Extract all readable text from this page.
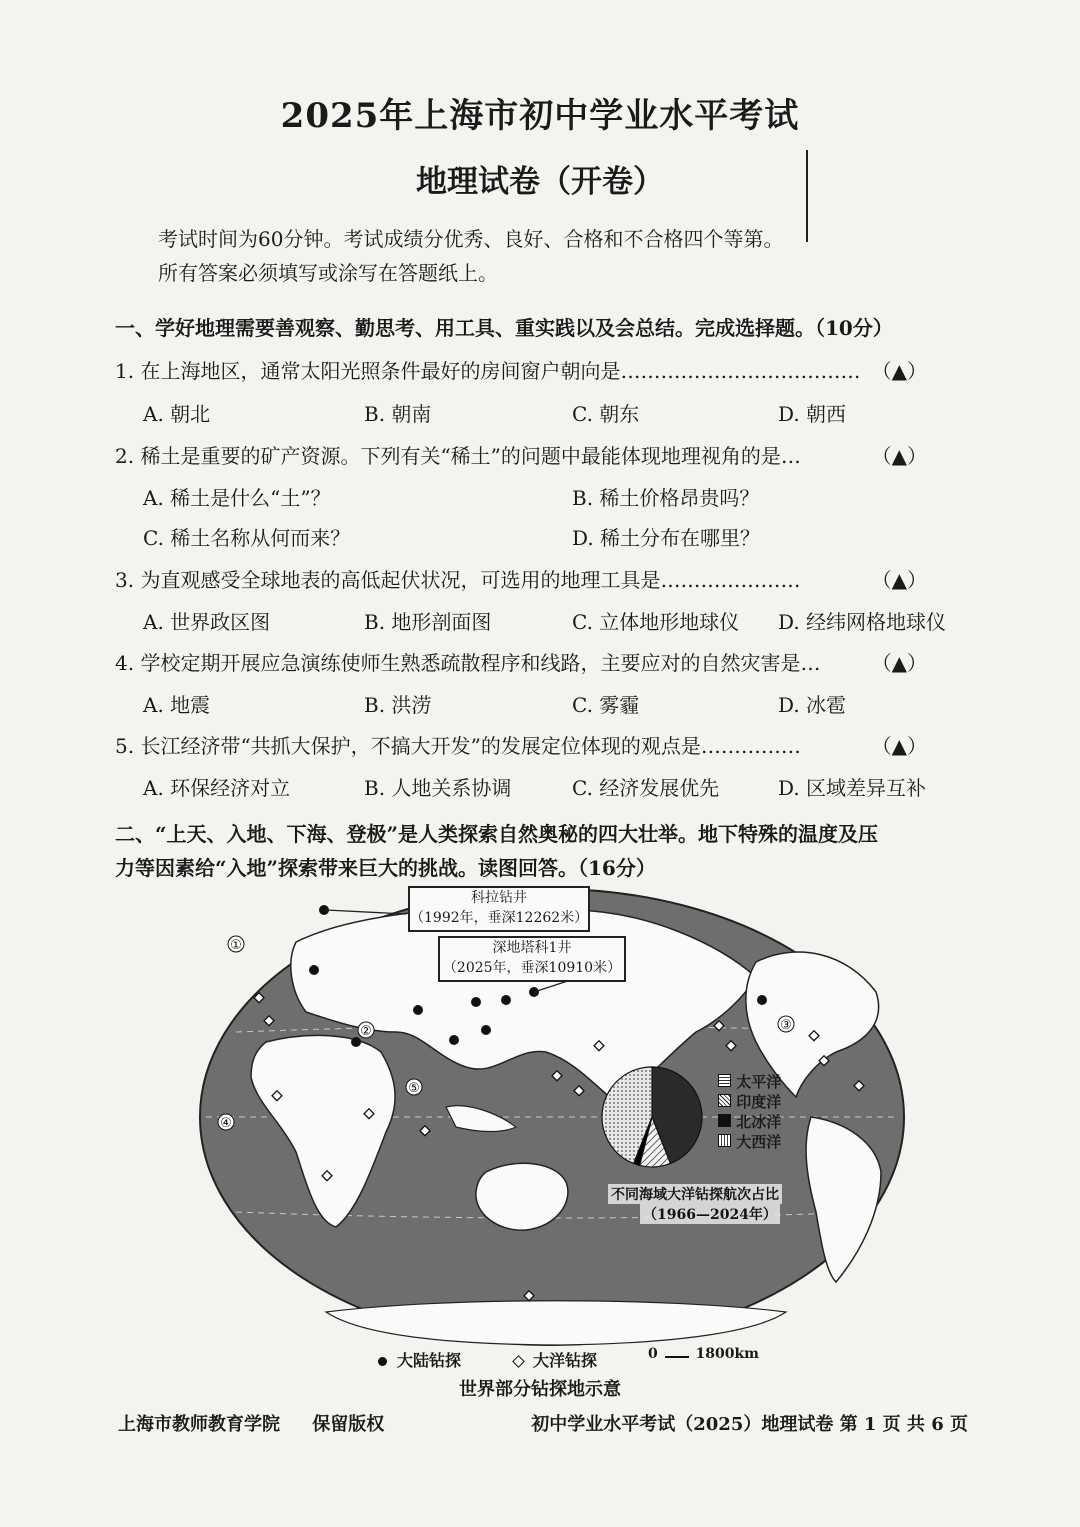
2025年上海市初中学业水平考试
地理试卷（开卷）
考试时间为60分钟。考试成绩分优秀、良好、合格和不合格四个等第。
所有答案必须填写或涂写在答题纸上。
一、学好地理需要善观察、勤思考、用工具、重实践以及会总结。完成选择题。（10分）
1. 在上海地区，通常太阳光照条件最好的房间窗户朝向是……………………………… （▲）
A. 朝北	B. 朝南	C. 朝东	D. 朝西
2. 稀土是重要的矿产资源。下列有关“稀土”的问题中最能体现地理视角的是…	（▲）
A. 稀土是什么“土”？	B. 稀土价格昂贵吗？
C. 稀土名称从何而来？	D. 稀土分布在哪里？
3. 为直观感受全球地表的高低起伏状况，可选用的地理工具是…………………	（▲）
A. 世界政区图	B. 地形剖面图	C. 立体地形地球仪 D. 经纬网格地球仪
4. 学校定期开展应急演练使师生熟悉疏散程序和线路，主要应对的自然灾害是…	（▲）
A. 地震	B. 洪涝	C. 雾霾	D. 冰雹
5. 长江经济带“共抓大保护，不搞大开发”的发展定位体现的观点是……………	（▲）
A. 环保经济对立	B. 人地关系协调	C. 经济发展优先	D. 区域差异互补
二、“上天、入地、下海、登极”是人类探索自然奥秘的四大壮举。地下特殊的温度及压
力等因素给“入地”探索带来巨大的挑战。读图回答。（16分）
①
②	③
④
⑤
科拉钻井
（1992年，垂深12262米）
深地塔科1井
（2025年，垂深10910米）
太平洋
印度洋
北冰洋
大西洋
不同海域大洋钻探航次占比
（1966—2024年）
大陆钻探	大洋钻探	0	1800km
世界部分钻探地示意
上海市教师教育学院 保留版权	初中学业水平考试（2025）地理试卷 第 1 页 共 6 页
